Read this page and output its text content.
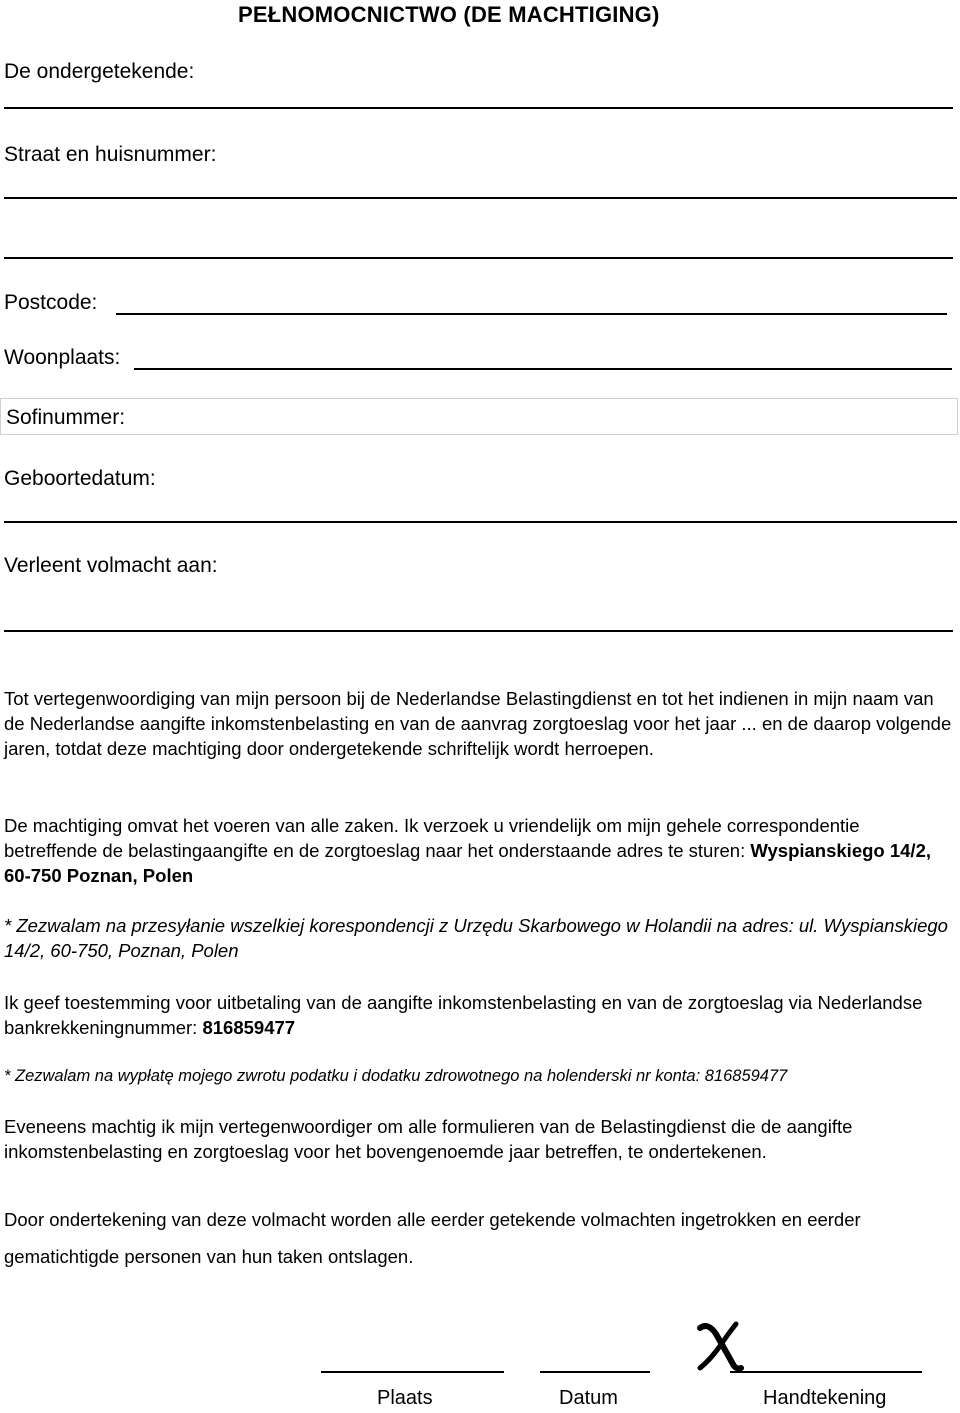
PEŁNOMOCNICTWO (DE MACHTIGING)
De ondergetekende:
Straat en huisnummer:
Postcode:
Woonplaats:
Sofinummer:
Geboortedatum:
Verleent volmacht aan:
Tot vertegenwoordiging van mijn persoon bij de Nederlandse Belastingdienst en tot het indienen in mijn naam van de Nederlandse aangifte inkomstenbelasting en van de aanvrag zorgtoeslag voor het jaar ... en de daarop volgende jaren, totdat deze machtiging door ondergetekende schriftelijk wordt herroepen.
De machtiging omvat het voeren van alle zaken. Ik verzoek u vriendelijk om mijn gehele correspondentie betreffende de belastingaangifte en de zorgtoeslag naar het onderstaande adres te sturen: Wyspianskiego 14/2, 60-750 Poznan, Polen
* Zezwalam na przesyłanie wszelkiej korespondencji z Urzędu Skarbowego w Holandii na adres: ul. Wyspianskiego 14/2, 60-750, Poznan, Polen
Ik geef toestemming voor uitbetaling van de aangifte inkomstenbelasting en van de zorgtoeslag via Nederlandse bankrekkeningnummer: 816859477
* Zezwalam na wypłatę mojego zwrotu podatku i dodatku zdrowotnego na holenderski nr konta: 816859477
Eveneens machtig ik mijn vertegenwoordiger om alle formulieren van de Belastingdienst die de aangifte inkomstenbelasting en zorgtoeslag voor het bovengenoemde jaar betreffen, te ondertekenen.
Door ondertekening van deze volmacht worden alle eerder getekende volmachten ingetrokken en eerder gematichtigde personen van hun taken ontslagen.
Plaats	Datum	Handtekening
